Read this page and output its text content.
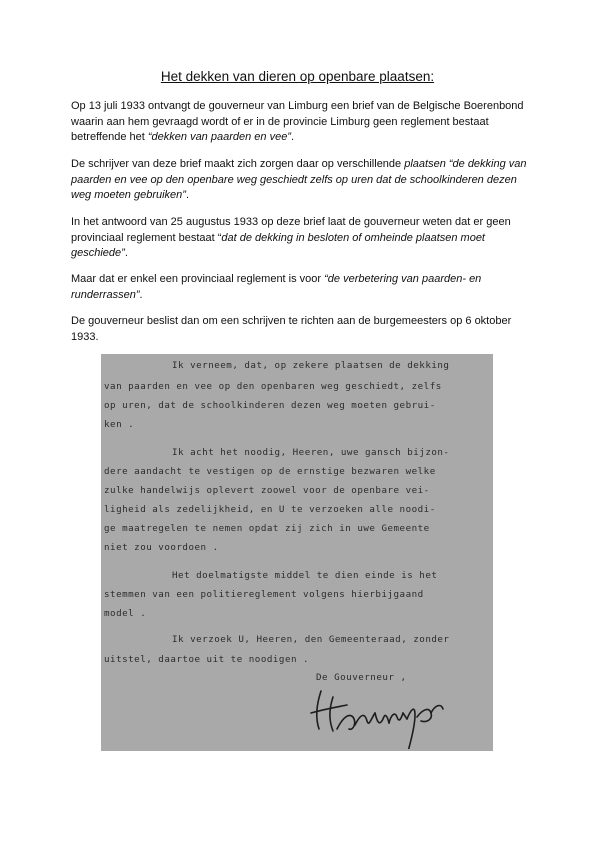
Het dekken van dieren op openbare plaatsen:

Op 13 juli 1933 ontvangt de gouverneur van Limburg een brief van de Belgische Boerenbond waarin aan hem gevraagd wordt of er in de provincie Limburg geen reglement bestaat betreffende het “dekken van paarden en vee”.

De schrijver van deze brief maakt zich zorgen daar op verschillende plaatsen “de dekking van paarden en vee op den openbare weg geschiedt zelfs op uren dat de schoolkinderen dezen weg moeten gebruiken”.

In het antwoord van 25 augustus 1933 op deze brief laat de gouverneur weten dat er geen provinciaal reglement bestaat “dat de dekking in besloten of omheinde plaatsen moet geschiede”.

Maar dat er enkel een provinciaal reglement is voor “de verbetering van paarden- en runderrassen”.

De gouverneur beslist dan om een schrijven te richten aan de burgemeesters op 6 oktober 1933.

Ik verneem, dat, op zekere plaatsen de dekking
van paarden en vee op den openbaren weg geschiedt, zelfs
op uren, dat de schoolkinderen dezen weg moeten gebrui-
ken .
Ik acht het noodig, Heeren, uwe gansch bijzon-
dere aandacht te vestigen op de ernstige bezwaren welke
zulke handelwijs oplevert zoowel voor de openbare vei-
ligheid als zedelijkheid, en U te verzoeken alle noodi-
ge maatregelen te nemen opdat zij zich in uwe Gemeente
niet zou voordoen .
Het doelmatigste middel te dien einde is het
stemmen van een politiereglement volgens hierbijgaand
model .
Ik verzoek U, Heeren, den Gemeenteraad, zonder
uitstel, daartoe uit te noodigen .
De Gouverneur ,
